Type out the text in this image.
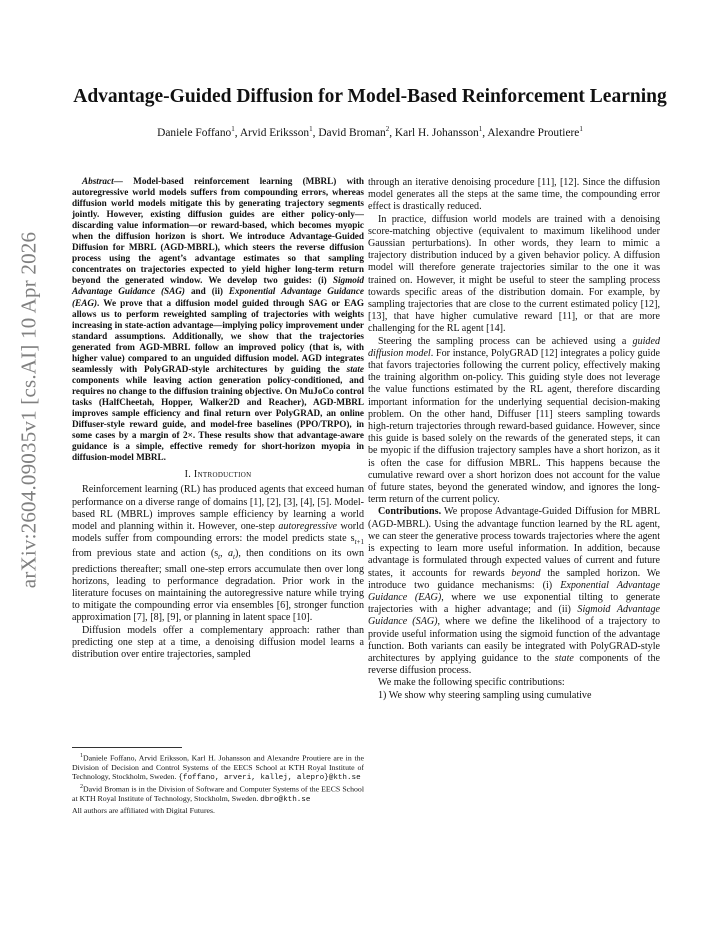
arXiv:2604.09035v1 [cs.AI] 10 Apr 2026
Advantage-Guided Diffusion for Model-Based Reinforcement Learning

Daniele Foffano$^1$, Arvid Eriksson$^1$, David Broman$^2$, Karl H. Johansson$^1$, Alexandre Proutiere$^1$

Abstract— Model-based reinforcement learning (MBRL) with autoregressive world models suffers from compounding errors, whereas diffusion world models mitigate this by generating trajectory segments jointly. However, existing diffusion guides are either policy-only—discarding value information—or reward-based, which becomes myopic when the diffusion horizon is short. We introduce Advantage-Guided Diffusion for MBRL (AGD-MBRL), which steers the reverse diffusion process using the agent’s advantage estimates so that sampling concentrates on trajectories expected to yield higher long-term return beyond the generated window. We develop two guides: (i) Sigmoid Advantage Guidance (SAG) and (ii) Exponential Advantage Guidance (EAG). We prove that a diffusion model guided through SAG or EAG allows us to perform reweighted sampling of trajectories with weights increasing in state-action advantage—implying policy improvement under standard assumptions. Additionally, we show that the trajectories generated from AGD-MBRL follow an improved policy (that is, with higher value) compared to an unguided diffusion model. AGD integrates seamlessly with PolyGRAD-style architectures by guiding the state components while leaving action generation policy-conditioned, and requires no change to the diffusion training objective. On MuJoCo control tasks (HalfCheetah, Hopper, Walker2D and Reacher), AGD-MBRL improves sample efficiency and final return over PolyGRAD, an online Diffuser-style reward guide, and model-free baselines (PPO/TRPO), in some cases by a margin of 2×. These results show that advantage-aware guidance is a simple, effective remedy for short-horizon myopia in diffusion-model MBRL.

I. Introduction

Reinforcement learning (RL) has produced agents that exceed human performance on a diverse range of domains [1], [2], [3], [4], [5]. Model-based RL (MBRL) improves sample efficiency by learning a world model and planning within it. However, one-step autoregressive world models suffer from compounding errors: the model predicts state $s_{t+1}$ from previous state and action ($s_t$, $a_t$), then conditions on its own predictions thereafter; small one-step errors accumulate then over long horizons, leading to performance degradation. Prior work in the literature focuses on maintaining the autoregressive nature while trying to mitigate the compounding error via ensembles [6], stronger function approximation [7], [8], [9], or planning in latent space [10].

Diffusion models offer a complementary approach: rather than predicting one step at a time, a denoising diffusion model learns a distribution over entire trajectories, sampled

$^1$Daniele Foffano, Arvid Eriksson, Karl H. Johansson and Alexandre Proutiere are in the Division of Decision and Control Systems of the EECS School at KTH Royal Institute of Technology, Stockholm, Sweden. {foffano, arveri, kallej, alepro}@kth.se

$^2$David Broman is in the Division of Software and Computer Systems of the EECS School at KTH Royal Institute of Technology, Stockholm, Sweden. dbro@kth.se

All authors are affiliated with Digital Futures.

through an iterative denoising procedure [11], [12]. Since the diffusion model generates all the steps at the same time, the compounding error effect is drastically reduced.

In practice, diffusion world models are trained with a denoising score-matching objective (equivalent to maximum likelihood under Gaussian perturbations). In other words, they learn to mimic a trajectory distribution induced by a given behavior policy. A diffusion model will therefore generate trajectories similar to the one it was trained on. However, it might be useful to steer the sampling process towards specific areas of the distribution domain. For example, by sampling trajectories that are close to the current estimated policy [12], [13], that have higher cumulative reward [11], or that are more challenging for the RL agent [14].

Steering the sampling process can be achieved using a guided diffusion model. For instance, PolyGRAD [12] integrates a policy guide that favors trajectories following the current policy, effectively making the training algorithm on-policy. This guiding style does not leverage the value functions estimated by the RL agent, therefore discarding important information for the underlying sequential decision-making problem. On the other hand, Diffuser [11] steers sampling towards high-return trajectories through reward-based guidance. However, since this guide is based solely on the rewards of the generated steps, it can be myopic if the diffusion trajectory samples have a short horizon, as it is often the case for diffusion MBRL. This happens because the cumulative reward over a short horizon does not account for the value of future states, beyond the generated window, and ignores the long-term return of the current policy.

Contributions. We propose Advantage-Guided Diffusion for MBRL (AGD-MBRL). Using the advantage function learned by the RL agent, we can steer the generative process towards trajectories where the agent is expecting to learn more useful information. In addition, because advantage is formulated through expected values of current and future states, it accounts for rewards beyond the sampled horizon. We introduce two guidance mechanisms: (i) Exponential Advantage Guidance (EAG), where we use exponential tilting to generate trajectories with a higher advantage; and (ii) Sigmoid Advantage Guidance (SAG), where we define the likelihood of a trajectory to provide useful information using the sigmoid function of the advantage function. Both variants can easily be integrated with PolyGRAD-style architectures by applying guidance to the state components of the reverse diffusion process.

We make the following specific contributions:

1) We show why steering sampling using cumulative
